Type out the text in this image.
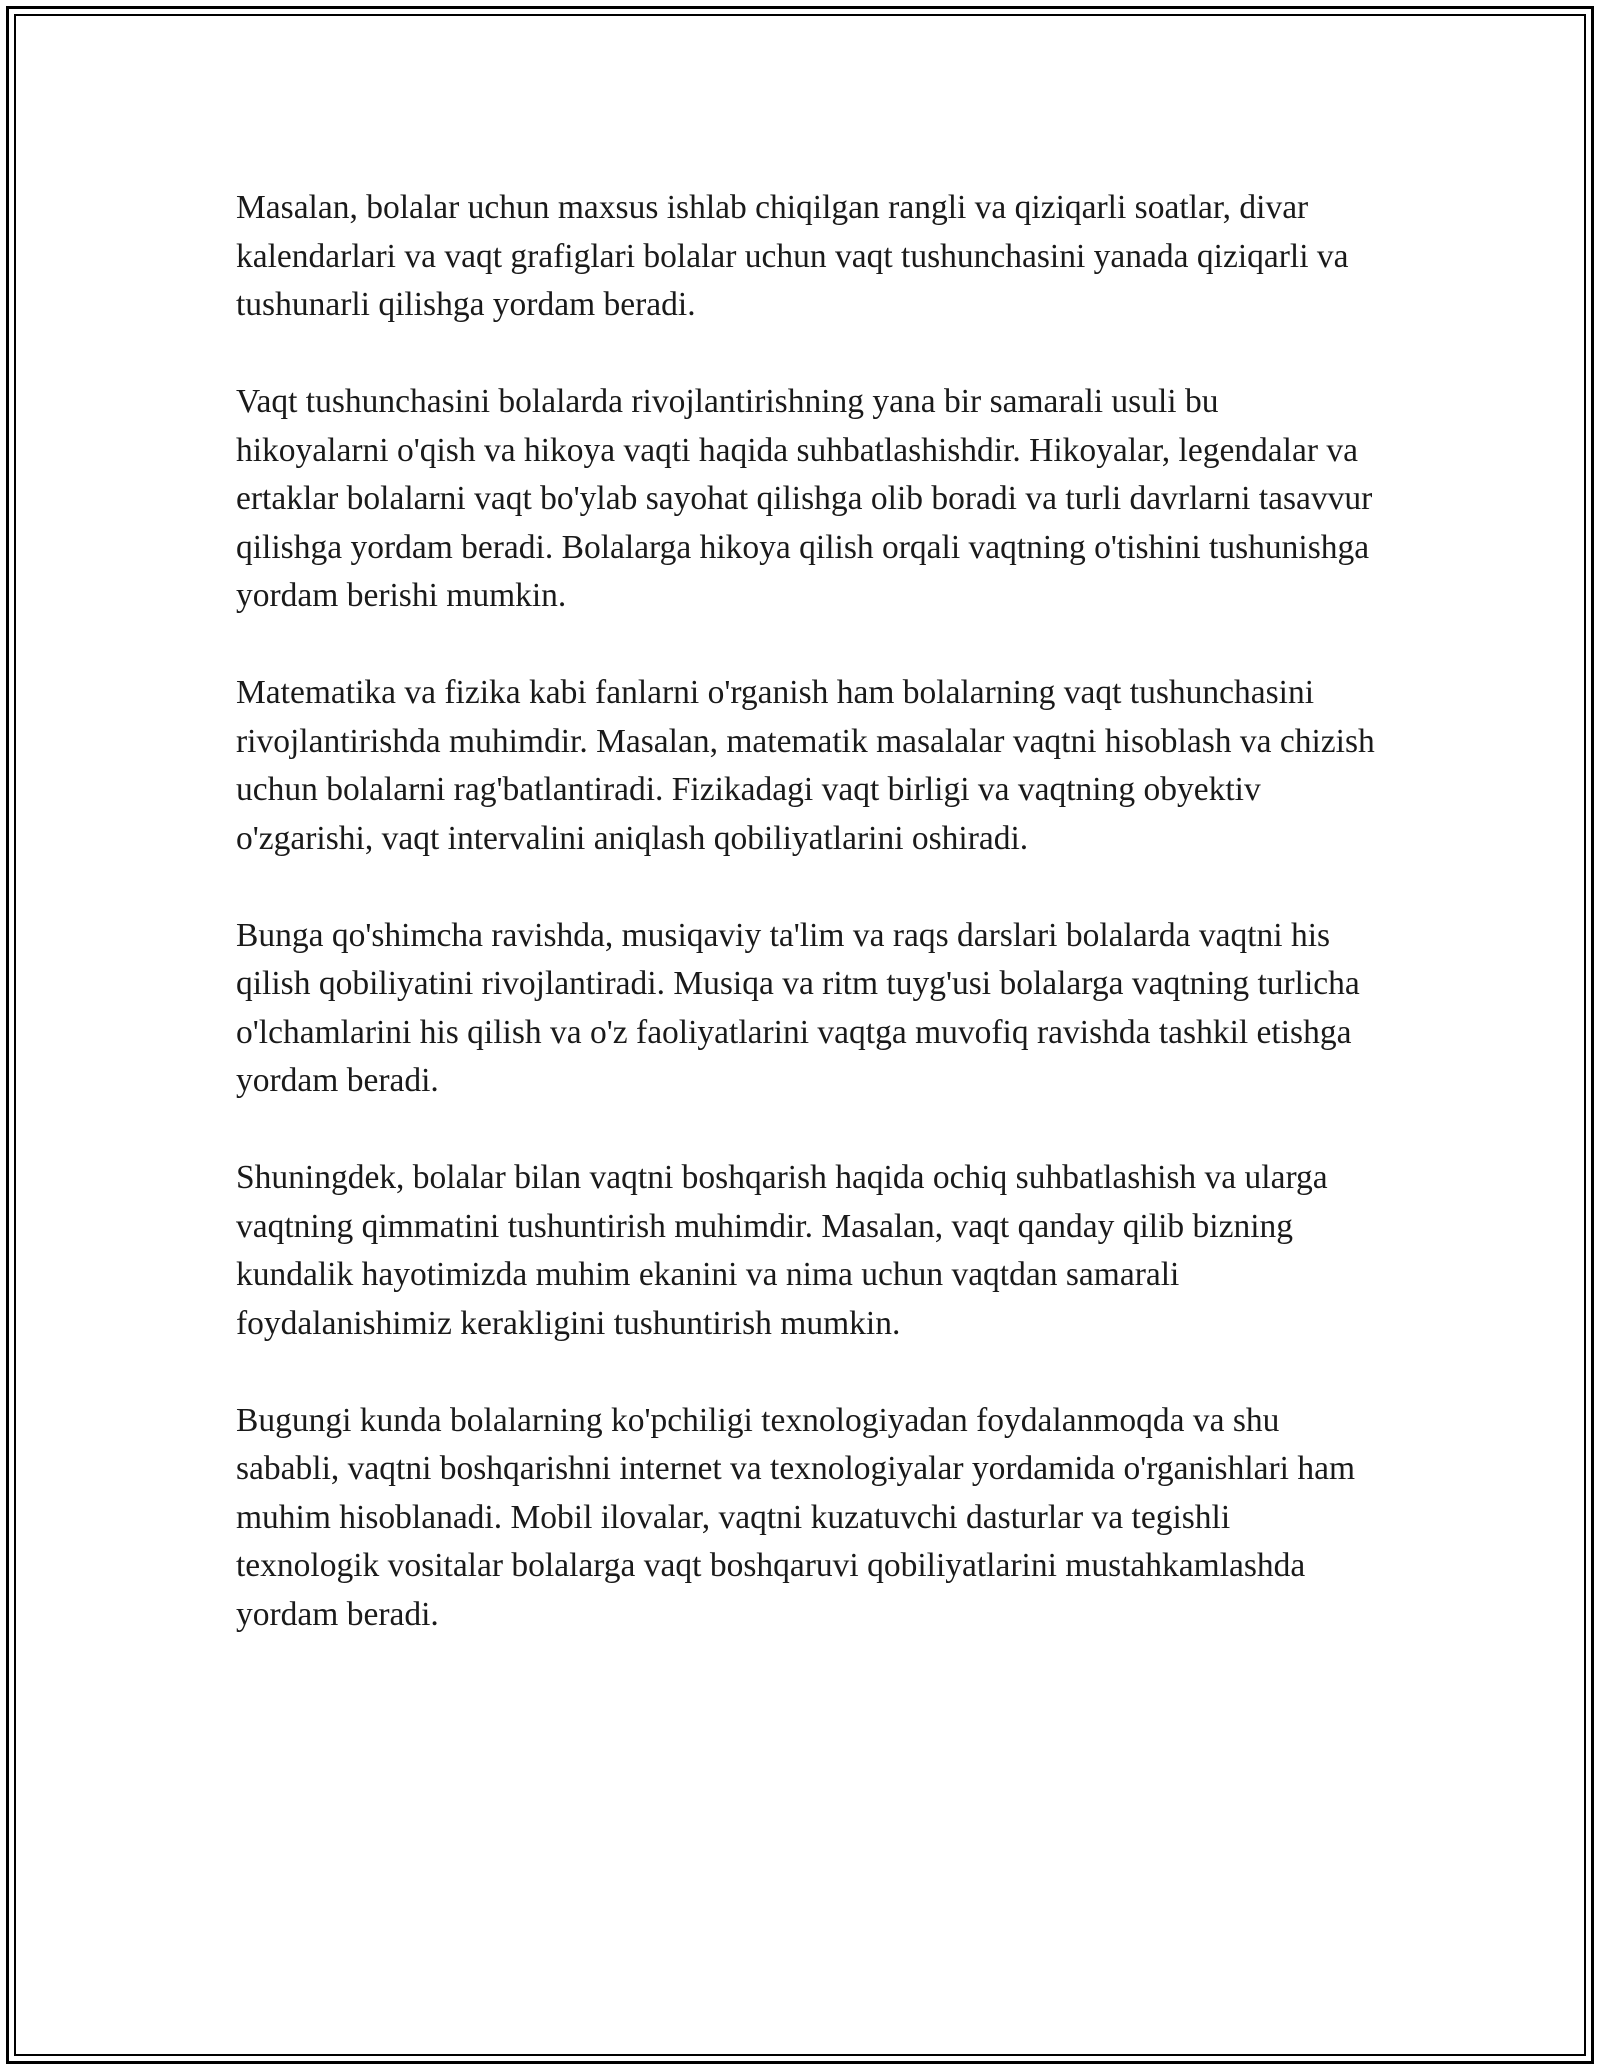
Masalan, bolalar uchun maxsus ishlab chiqilgan rangli va qiziqarli soatlar, divar kalendarlari va vaqt grafiglari bolalar uchun vaqt tushunchasini yanada qiziqarli va tushunarli qilishga yordam beradi.

Vaqt tushunchasini bolalarda rivojlantirishning yana bir samarali usuli bu hikoyalarni o'qish va hikoya vaqti haqida suhbatlashishdir. Hikoyalar, legendalar va ertaklar bolalarni vaqt bo'ylab sayohat qilishga olib boradi va turli davrlarni tasavvur qilishga yordam beradi. Bolalarga hikoya qilish orqali vaqtning o'tishini tushunishga yordam berishi mumkin.

Matematika va fizika kabi fanlarni o'rganish ham bolalarning vaqt tushunchasini rivojlantirishda muhimdir. Masalan, matematik masalalar vaqtni hisoblash va chizish uchun bolalarni rag'batlantiradi. Fizikadagi vaqt birligi va vaqtning obyektiv o'zgarishi, vaqt intervalini aniqlash qobiliyatlarini oshiradi.

Bunga qo'shimcha ravishda, musiqaviy ta'lim va raqs darslari bolalarda vaqtni his qilish qobiliyatini rivojlantiradi. Musiqa va ritm tuyg'usi bolalarga vaqtning turlicha o'lchamlarini his qilish va o'z faoliyatlarini vaqtga muvofiq ravishda tashkil etishga yordam beradi.

Shuningdek, bolalar bilan vaqtni boshqarish haqida ochiq suhbatlashish va ularga vaqtning qimmatini tushuntirish muhimdir. Masalan, vaqt qanday qilib bizning kundalik hayotimizda muhim ekanini va nima uchun vaqtdan samarali foydalanishimiz kerakligini tushuntirish mumkin.

Bugungi kunda bolalarning ko'pchiligi texnologiyadan foydalanmoqda va shu sababli, vaqtni boshqarishni internet va texnologiyalar yordamida o'rganishlari ham muhim hisoblanadi. Mobil ilovalar, vaqtni kuzatuvchi dasturlar va tegishli texnologik vositalar bolalarga vaqt boshqaruvi qobiliyatlarini mustahkamlashda yordam beradi.
